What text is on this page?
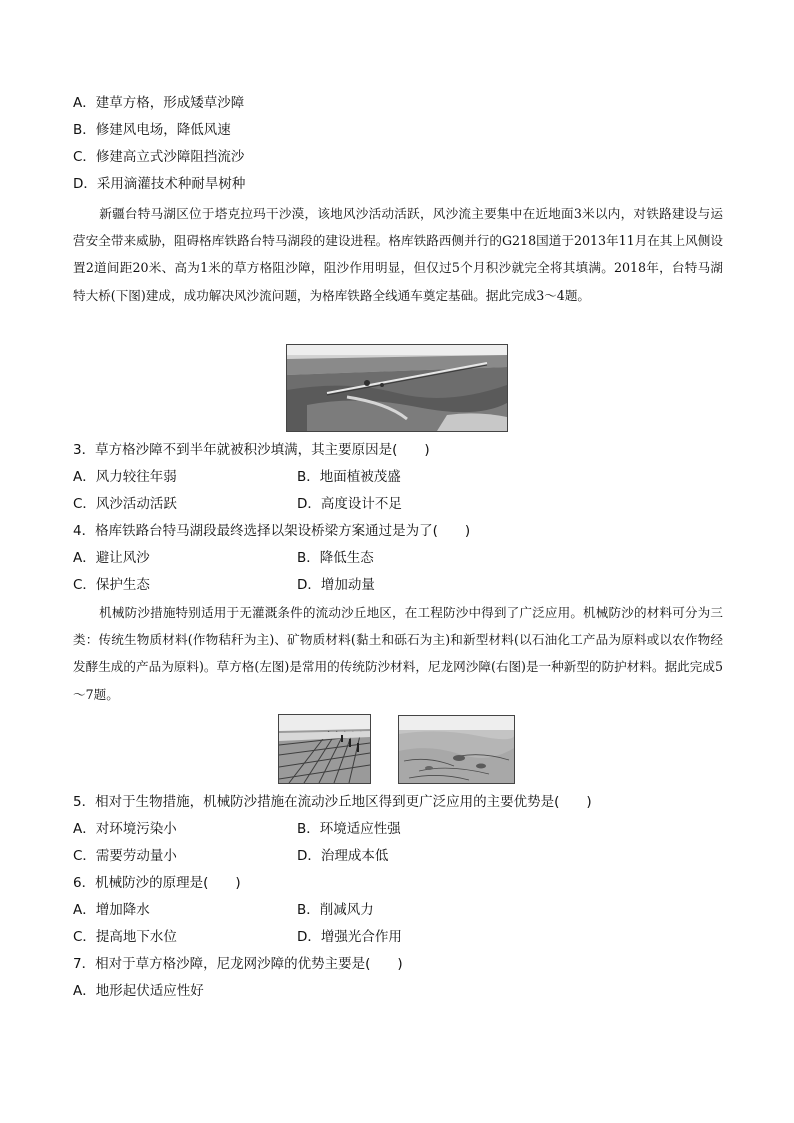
A．建草方格，形成矮草沙障
B．修建风电场，降低风速
C．修建高立式沙障阻挡流沙
D．采用滴灌技术种耐旱树种
新疆台特马湖区位于塔克拉玛干沙漠，该地风沙活动活跃，风沙流主要集中在近地面3米以内，对铁路建设与运营安全带来威胁，阻碍格库铁路台特马湖段的建设进程。格库铁路西侧并行的G218国道于2013年11月在其上风侧设置2道间距20米、高为1米的草方格阻沙障，阻沙作用明显，但仅过5个月积沙就完全将其填满。2018年，台特马湖特大桥(下图)建成，成功解决风沙流问题，为格库铁路全线通车奠定基础。据此完成3～4题。
3．草方格沙障不到半年就被积沙填满，其主要原因是(　　)
A．风力较往年弱	B．地面植被茂盛
C．风沙活动活跃	D．高度设计不足
4．格库铁路台特马湖段最终选择以架设桥梁方案通过是为了(　　)
A．避让风沙	B．降低生态
C．保护生态	D．增加动量
机械防沙措施特别适用于无灌溉条件的流动沙丘地区，在工程防沙中得到了广泛应用。机械防沙的材料可分为三类：传统生物质材料(作物秸秆为主)、矿物质材料(黏土和砾石为主)和新型材料(以石油化工产品为原料或以农作物经发酵生成的产品为原料)。草方格(左图)是常用的传统防沙材料，尼龙网沙障(右图)是一种新型的防护材料。据此完成5～7题。
5．相对于生物措施，机械防沙措施在流动沙丘地区得到更广泛应用的主要优势是(　　)
A．对环境污染小	B．环境适应性强
C．需要劳动量小	D．治理成本低
6．机械防沙的原理是(　　)
A．增加降水	B．削减风力
C．提高地下水位	D．增强光合作用
7．相对于草方格沙障，尼龙网沙障的优势主要是(　　)
A．地形起伏适应性好
